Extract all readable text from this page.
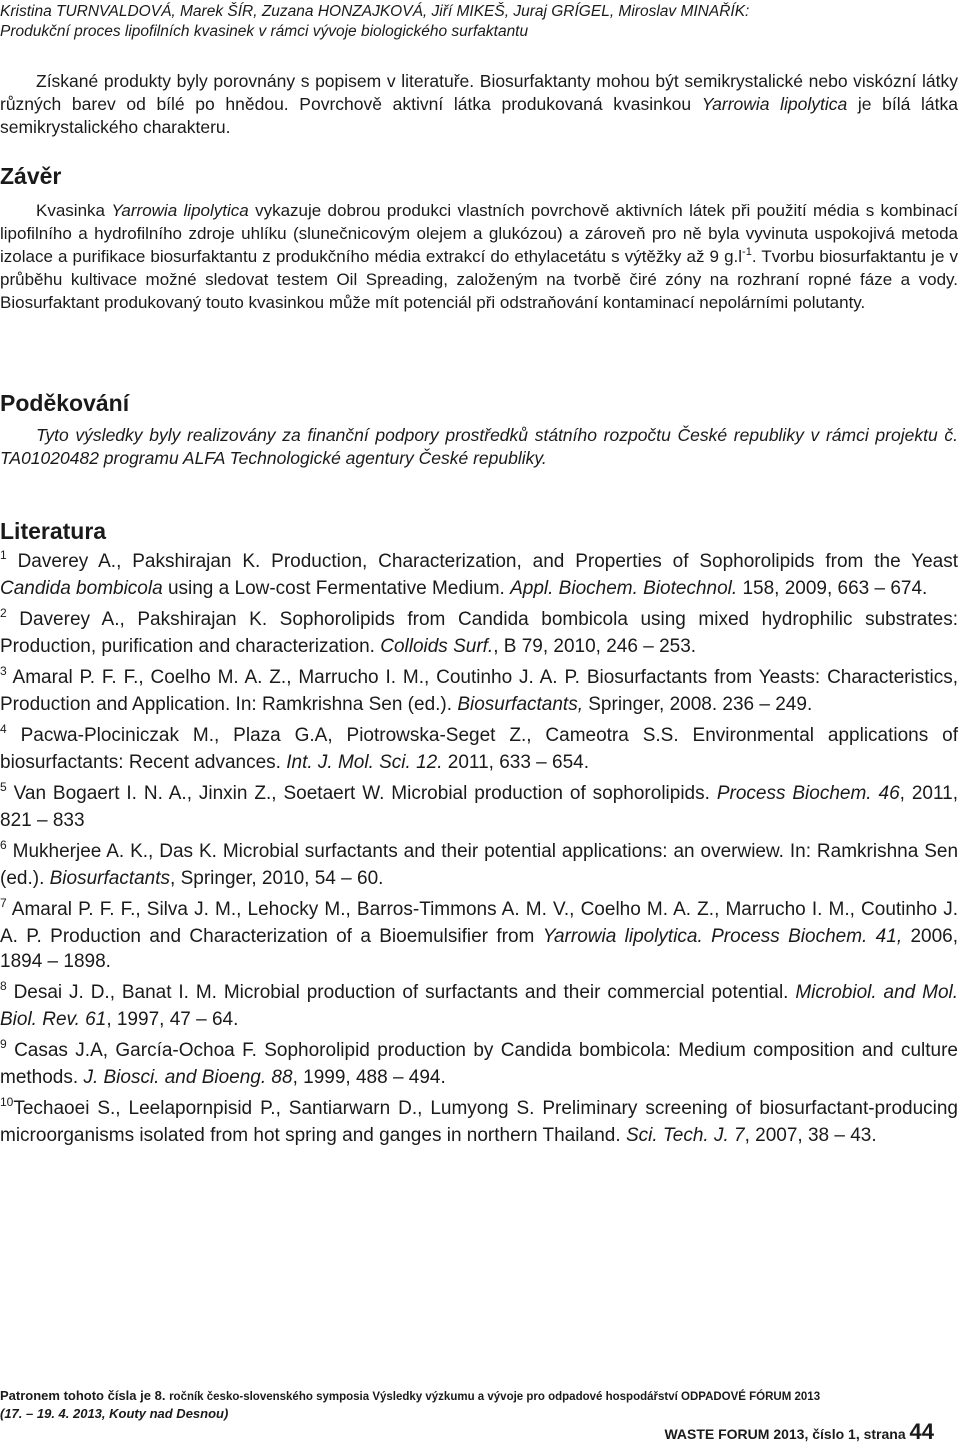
Kristina TURNVALDOVÁ, Marek ŠÍR, Zuzana HONZAJKOVÁ, Jiří MIKEŠ, Juraj GRÍGEL, Miroslav MINAŘÍK:
Produkční proces lipofilních kvasinek v rámci vývoje biologického surfaktantu
Získané produkty byly porovnány s popisem v literatuře. Biosurfaktanty mohou být semikrystalické nebo viskózní látky různých barev od bílé po hnědou. Povrchově aktivní látka produkovaná kvasinkou Yarrowia lipolytica je bílá látka semikrystalického charakteru.
Závěr
Kvasinka Yarrowia lipolytica vykazuje dobrou produkci vlastních povrchově aktivních látek při použití média s kombinací lipofilního a hydrofilního zdroje uhlíku (slunečnicovým olejem a glukózou) a zároveň pro ně byla vyvinuta uspokojivá metoda izolace a purifikace biosurfaktantu z produkčního média extrakcí do ethylacetátu s výtěžky až 9 $g.l^{-1}$. Tvorbu biosurfaktantu je v průběhu kultivace možné sledovat testem Oil Spreading, založeným na tvorbě čiré zóny na rozhraní ropné fáze a vody. Biosurfaktant produkovaný touto kvasinkou může mít potenciál při odstraňování kontaminací nepolárními polutanty.
Poděkování
Tyto výsledky byly realizovány za finanční podpory prostředků státního rozpočtu České republiky v rámci projektu č. TA01020482 programu ALFA Technologické agentury České republiky.
Literatura
$^1$ Daverey A., Pakshirajan K. Production, Characterization, and Properties of Sophorolipids from the Yeast Candida bombicola using a Low-cost Fermentative Medium. Appl. Biochem. Biotechnol. 158, 2009, 663 – 674.
$^2$ Daverey A., Pakshirajan K. Sophorolipids from Candida bombicola using mixed hydrophilic substrates: Production, purification and characterization. Colloids Surf., B 79, 2010, 246 – 253.
$^3$ Amaral P. F. F., Coelho M. A. Z., Marrucho I. M., Coutinho J. A. P. Biosurfactants from Yeasts: Characteristics, Production and Application. In: Ramkrishna Sen (ed.). Biosurfactants, Springer, 2008. 236 – 249.
$^4$ Pacwa-Plociniczak M., Plaza G.A, Piotrowska-Seget Z., Cameotra S.S. Environmental applications of biosurfactants: Recent advances. Int. J. Mol. Sci. 12. 2011, 633 – 654.
$^5$ Van Bogaert I. N. A., Jinxin Z., Soetaert W. Microbial production of sophorolipids. Process Biochem. 46, 2011, 821 – 833
$^6$ Mukherjee A. K., Das K. Microbial surfactants and their potential applications: an overwiew. In: Ramkrishna Sen (ed.). Biosurfactants, Springer, 2010, 54 – 60.
$^7$ Amaral P. F. F., Silva J. M., Lehocky M., Barros-Timmons A. M. V., Coelho M. A. Z., Marrucho I. M., Coutinho J. A. P. Production and Characterization of a Bioemulsifier from Yarrowia lipolytica. Process Biochem. 41, 2006, 1894 – 1898.
$^8$ Desai J. D., Banat I. M. Microbial production of surfactants and their commercial potential. Microbiol. and Mol. Biol. Rev. 61, 1997, 47 – 64.
$^9$ Casas J.A, García-Ochoa F. Sophorolipid production by Candida bombicola: Medium composition and culture methods. J. Biosci. and Bioeng. 88, 1999, 488 – 494.
$^{10}$Techaoei S., Leelapornpisid P., Santiarwarn D., Lumyong S. Preliminary screening of biosurfactant-producing microorganisms isolated from hot spring and ganges in northern Thailand. Sci. Tech. J. 7, 2007, 38 – 43.
Patronem tohoto čísla je 8. ročník česko-slovenského symposia Výsledky výzkumu a vývoje pro odpadové hospodářství ODPADOVÉ FÓRUM 2013
(17. – 19. 4. 2013, Kouty nad Desnou)
WASTE FORUM 2013, číslo 1, strana 44
